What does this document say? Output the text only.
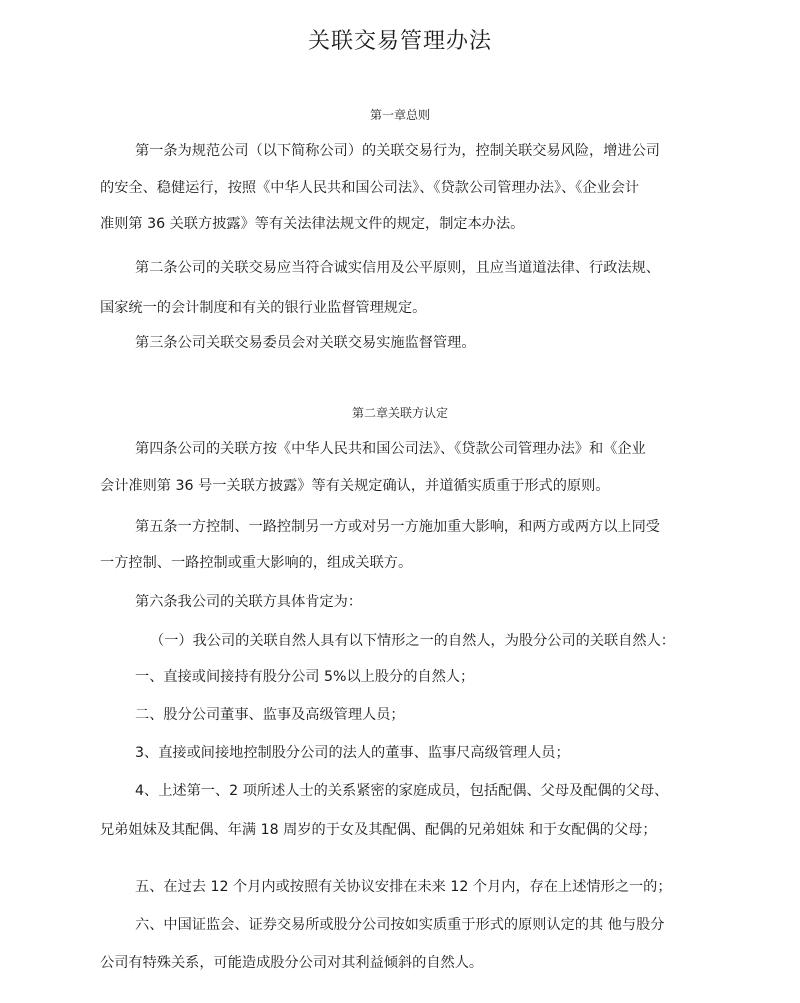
关联交易管理办法
第一章总则
第一条为规范公司（以下简称公司）的关联交易行为，控制关联交易风险，增进公司
的安全、稳健运行，按照《中华人民共和国公司法》、《贷款公司管理办法》、《企业会计
准则第 36 关联方披露》等有关法律法规文件的规定，制定本办法。
第二条公司的关联交易应当符合诚实信用及公平原则，且应当道道法律、行政法规、
国家统一的会计制度和有关的银行业监督管理规定。
第三条公司关联交易委员会对关联交易实施监督管理。
第二章关联方认定
第四条公司的关联方按《中华人民共和国公司法》、《贷款公司管理办法》和《企业
会计准则第 36 号一关联方披露》等有关规定确认，并道循实质重于形式的原则。
第五条一方控制、一路控制另一方或对另一方施加重大影响，和两方或两方以上同受
一方控制、一路控制或重大影响的，组成关联方。
第六条我公司的关联方具体肯定为：
（一）我公司的关联自然人具有以下情形之一的自然人，为股分公司的关联自然人：
一、直接或间接持有股分公司 5%以上股分的自然人；
二、股分公司董事、监事及高级管理人员；
3、直接或间接地控制股分公司的法人的董事、监事尺高级管理人员；
4、上述第一、2 项所述人士的关系紧密的家庭成员，包括配偶、父母及配偶的父母、
兄弟姐妹及其配偶、年满 18 周岁的于女及其配偶、配偶的兄弟姐妹 和于女配偶的父母；
五、在过去 12 个月内或按照有关协议安排在未来 12 个月内，存在上述情形之一的；
六、中国证监会、证券交易所或股分公司按如实质重于形式的原则认定的其 他与股分
公司有特殊关系，可能造成股分公司对其利益倾斜的自然人。
